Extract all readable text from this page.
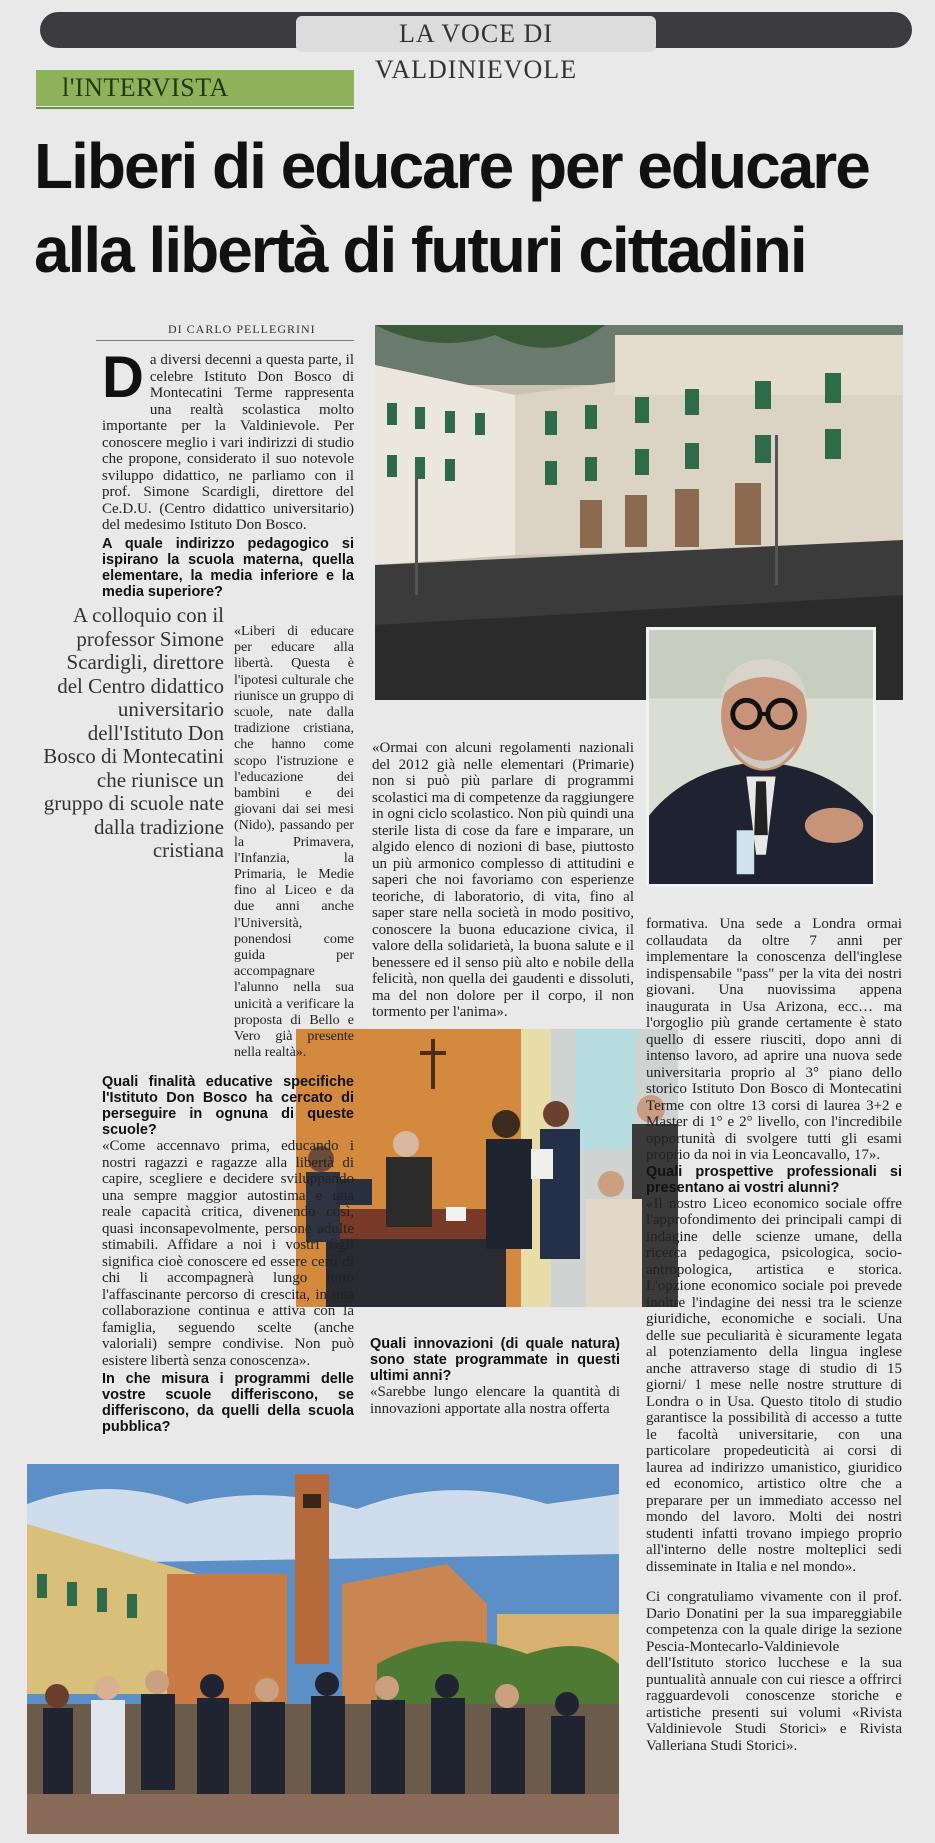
LA VOCE DI VALDINIEVOLE
l'INTERVISTA
Liberi di educare per educare
alla libertà di futuri cittadini
DI CARLO PELLEGRINI
A colloquio con il professor Simone Scardigli, direttore del Centro didattico universitario dell'Istituto Don Bosco di Montecatini che riunisce un gruppo di scuole nate dalla tradizione cristiana
D a diversi decenni a questa parte, il celebre Istituto Don Bosco di Montecatini Terme rappresenta una realtà scolastica molto importante per la Valdinievole. Per conoscere meglio i vari indirizzi di studio che propone, considerato il suo notevole sviluppo didattico, ne parliamo con il prof. Simone Scardigli, direttore del Ce.D.U. (Centro didattico universitario) del medesimo Istituto Don Bosco.
A quale indirizzo pedagogico si ispirano la scuola materna, quella elementare, la media inferiore e la media superiore?
«Liberi di educare per educare alla libertà. Questa è l'ipotesi culturale che riunisce un gruppo di scuole, nate dalla tradizione cristiana, che hanno come scopo l'istruzione e l'educazione dei bambini e dei giovani dai sei mesi (Nido), passando per la Primavera, l'Infanzia, la Primaria, le Medie fino al Liceo e da due anni anche l'Università, ponendosi come guida per accompagnare l'alunno nella sua unicità a verificare la proposta di Bello e Vero già presente nella realtà».
Quali finalità educative specifiche l'Istituto Don Bosco ha cercato di perseguire in ognuna di queste scuole?
«Come accennavo prima, educando i nostri ragazzi e ragazze alla libertà di capire, scegliere e decidere sviluppando una sempre maggior autostima e una reale capacità critica, divenendo così, quasi inconsapevolmente, persone adulte stimabili. Affidare a noi i vostri figli significa cioè conoscere ed essere certi di chi li accompagnerà lungo tutto l'affascinante percorso di crescita, in una collaborazione continua e attiva con la famiglia, seguendo scelte (anche valoriali) sempre condivise. Non può esistere libertà senza conoscenza».
In che misura i programmi delle vostre scuole differiscono, se differiscono, da quelli della scuola pubblica?
«Ormai con alcuni regolamenti nazionali del 2012 già nelle elementari (Primarie) non si può più parlare di programmi scolastici ma di competenze da raggiungere in ogni ciclo scolastico. Non più quindi una sterile lista di cose da fare e imparare, un algido elenco di nozioni di base, piuttosto un più armonico complesso di attitudini e saperi che noi favoriamo con esperienze teoriche, di laboratorio, di vita, fino al saper stare nella società in modo positivo, conoscere la buona educazione civica, il valore della solidarietà, la buona salute e il benessere ed il senso più alto e nobile della felicità, non quella dei gaudenti e dissoluti, ma del non dolore per il corpo, il non tormento per l'anima».
Quali innovazioni (di quale natura) sono state programmate in questi ultimi anni?
«Sarebbe lungo elencare la quantità di innovazioni apportate alla nostra offerta
formativa. Una sede a Londra ormai collaudata da oltre 7 anni per implementare la conoscenza dell'inglese indispensabile "pass" per la vita dei nostri giovani. Una nuovissima appena inaugurata in Usa Arizona, ecc… ma l'orgoglio più grande certamente è stato quello di essere riusciti, dopo anni di intenso lavoro, ad aprire una nuova sede universitaria proprio al 3° piano dello storico Istituto Don Bosco di Montecatini Terme con oltre 13 corsi di laurea 3+2 e Master di 1° e 2° livello, con l'incredibile opportunità di svolgere tutti gli esami proprio da noi in via Leoncavallo, 17».
Quali prospettive professionali si presentano ai vostri alunni?
«Il nostro Liceo economico sociale offre l'approfondimento dei principali campi di indagine delle scienze umane, della ricerca pedagogica, psicologica, socio-antropologica, artistica e storica. L'opzione economico sociale poi prevede inoltre l'indagine dei nessi tra le scienze giuridiche, economiche e sociali. Una delle sue peculiarità è sicuramente legata al potenziamento della lingua inglese anche attraverso stage di studio di 15 giorni/ 1 mese nelle nostre strutture di Londra o in Usa. Questo titolo di studio garantisce la possibilità di accesso a tutte le facoltà universitarie, con una particolare propedeuticità ai corsi di laurea ad indirizzo umanistico, giuridico ed economico, artistico oltre che a preparare per un immediato accesso nel mondo del lavoro. Molti dei nostri studenti infatti trovano impiego proprio all'interno delle nostre molteplici sedi disseminate in Italia e nel mondo».
Ci congratuliamo vivamente con il prof. Dario Donatini per la sua impareggiabile competenza con la quale dirige la sezione Pescia-Montecarlo-Valdinievole dell'Istituto storico lucchese e la sua puntualità annuale con cui riesce a offrirci ragguardevoli conoscenze storiche e artistiche presenti sui volumi «Rivista Valdinievole Studi Storici» e Rivista Valleriana Studi Storici».
